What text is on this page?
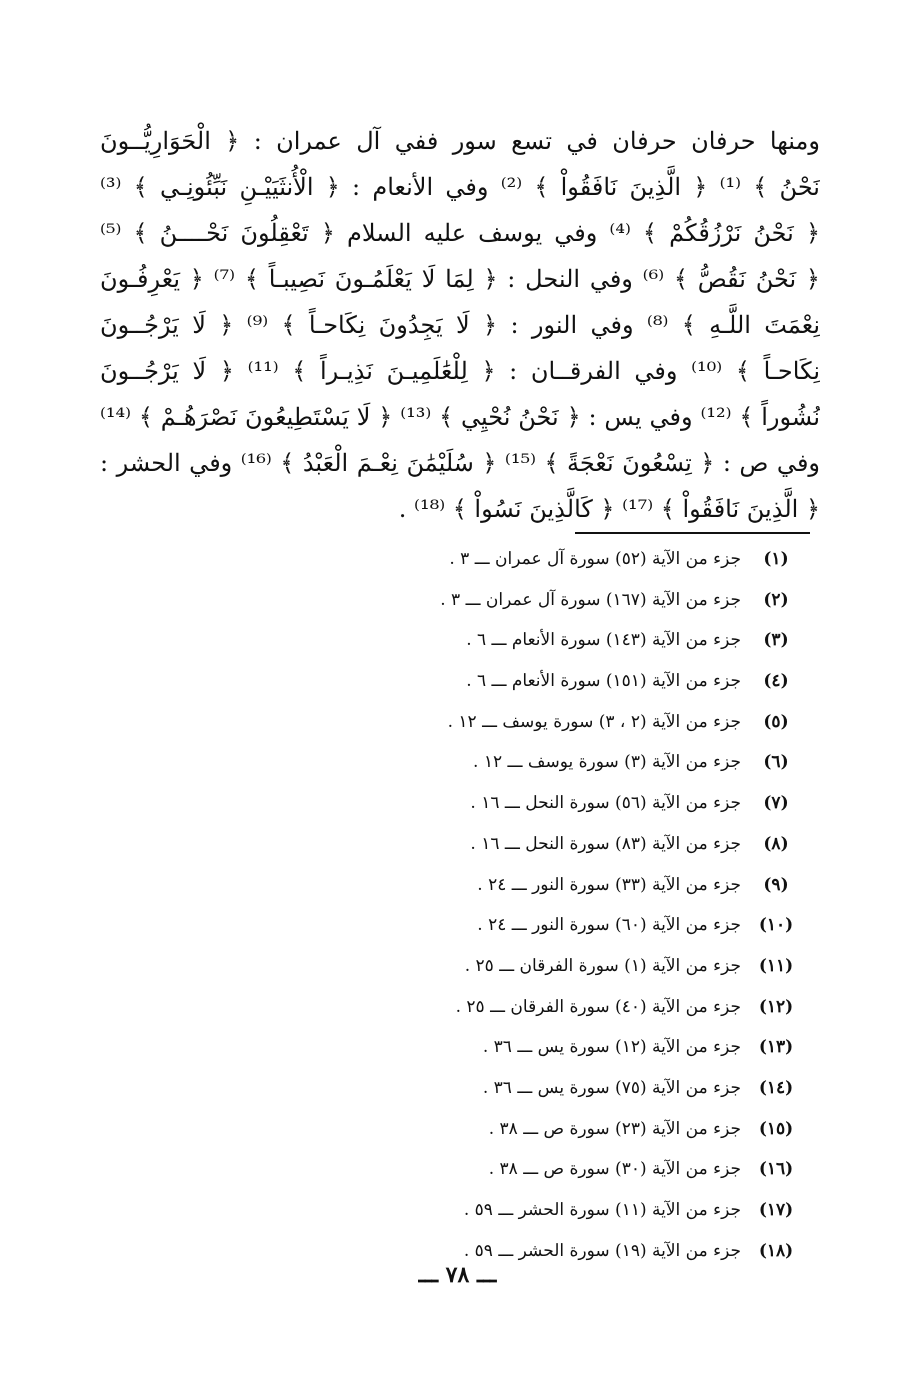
ومنها حرفان حرفان في تسع سور ففي آل عمران : ﴿ الْحَوَارِيُّــونَ
نَحْنُ ﴾ ⁽¹⁾ ﴿ الَّذِينَ نَافَقُواْ ﴾ ⁽²⁾ وفي الأنعام : ﴿ الْأُنثَيَيْـنِ نَبِّئُونِـي ﴾ ⁽³⁾
﴿ نَحْنُ نَرْزُقُكُمْ ﴾ ⁽⁴⁾ وفي يوسف عليه السلام ﴿ تَعْقِلُونَ نَحْــــنُ ﴾ ⁽⁵⁾
﴿ نَحْنُ نَقُصُّ ﴾ ⁽⁶⁾ وفي النحل : ﴿ لِمَا لَا يَعْلَمُـونَ نَصِيبـاً ﴾ ⁽⁷⁾ ﴿ يَعْرِفُـونَ
نِعْمَتَ اللَّـهِ ﴾ ⁽⁸⁾ وفي النور : ﴿ لَا يَجِدُونَ نِكَاحـاً ﴾ ⁽⁹⁾ ﴿ لَا يَرْجُــونَ
نِكَاحـاً ﴾ ⁽¹⁰⁾ وفي الفرقــان : ﴿ لِلْعَٰلَمِيـنَ نَذِيـراً ﴾ ⁽¹¹⁾ ﴿ لَا يَرْجُــونَ
نُشُوراً ﴾ ⁽¹²⁾ وفي يس : ﴿ نَحْنُ نُحْيِي ﴾ ⁽¹³⁾ ﴿ لَا يَسْتَطِيعُونَ نَصْرَهُـمْ ﴾ ⁽¹⁴⁾
وفي ص : ﴿ تِسْعُونَ نَعْجَةً ﴾ ⁽¹⁵⁾ ﴿ سُلَيْمَٰنَ نِعْـمَ الْعَبْدُ ﴾ ⁽¹⁶⁾ وفي الحشر :
﴿ الَّذِينَ نَافَقُواْ ﴾ ⁽¹⁷⁾ ﴿ كَالَّذِينَ نَسُواْ ﴾ ⁽¹⁸⁾ .
(١)
جزء من الآية (٥٢) سورة آل عمران ـــ ٣ .
(٢)
جزء من الآية (١٦٧) سورة آل عمران ـــ ٣ .
(٣)
جزء من الآية (١٤٣) سورة الأنعام ـــ ٦ .
(٤)
جزء من الآية (١٥١) سورة الأنعام ـــ ٦ .
(٥)
جزء من الآية (٢ ، ٣) سورة يوسف ـــ ١٢ .
(٦)
جزء من الآية (٣) سورة يوسف ـــ ١٢ .
(٧)
جزء من الآية (٥٦) سورة النحل ـــ ١٦ .
(٨)
جزء من الآية (٨٣) سورة النحل ـــ ١٦ .
(٩)
جزء من الآية (٣٣) سورة النور ـــ ٢٤ .
(١٠)
جزء من الآية (٦٠) سورة النور ـــ ٢٤ .
(١١)
جزء من الآية (١) سورة الفرقان ـــ ٢٥ .
(١٢)
جزء من الآية (٤٠) سورة الفرقان ـــ ٢٥ .
(١٣)
جزء من الآية (١٢) سورة يس ـــ ٣٦ .
(١٤)
جزء من الآية (٧٥) سورة يس ـــ ٣٦ .
(١٥)
جزء من الآية (٢٣) سورة ص ـــ ٣٨ .
(١٦)
جزء من الآية (٣٠) سورة ص ـــ ٣٨ .
(١٧)
جزء من الآية (١١) سورة الحشر ـــ ٥٩ .
(١٨)
جزء من الآية (١٩) سورة الحشر ـــ ٥٩ .
ـــ ٧٨ ـــ
